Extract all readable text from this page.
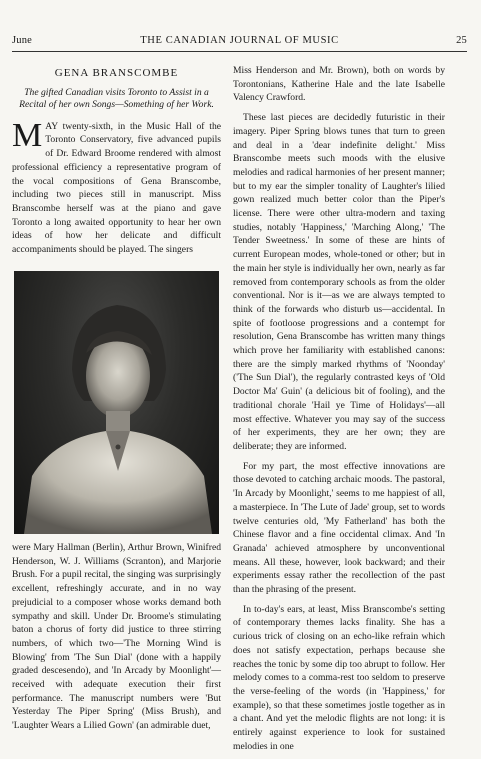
June	THE CANADIAN JOURNAL OF MUSIC	25
GENA BRANSCOMBE
The gifted Canadian visits Toronto to Assist in a Recital of her own Songs—Something of her Work.

MAY twenty-sixth, in the Music Hall of the Toronto Conservatory, five advanced pupils of Dr. Edward Broome rendered with almost professional efficiency a representative program of the vocal compositions of Gena Branscombe, including two pieces still in manuscript. Miss Branscombe herself was at the piano and gave Toronto a long awaited opportunity to hear her own ideas of how her delicate and difficult accompaniments should be played. The singers

were Mary Hallman (Berlin), Arthur Brown, Winifred Henderson, W. J. Williams (Scranton), and Marjorie Brush. For a pupil recital, the singing was surprisingly excellent, refreshingly accurate, and in no way prejudicial to a composer whose works demand both sympathy and skill. Under Dr. Broome's stimulating baton a chorus of forty did justice to three stirring numbers, of which two—'The Morning Wind is Blowing' from 'The Sun Dial' (done with a happily graded descesendo), and 'In Arcady by Moonlight'—received with adequate execution their first performance. The manuscript numbers were 'But Yesterday The Piper Spring' (Miss Brush), and 'Laughter Wears a Lilied Gown' (an admirable duet,

Miss Henderson and Mr. Brown), both on words by Torontonians, Katherine Hale and the late Isabelle Valency Crawford.

These last pieces are decidedly futuristic in their imagery. Piper Spring blows tunes that turn to green and deal in a 'dear indefinite delight.' Miss Branscombe meets such moods with the elusive melodies and radical harmonies of her present manner; but to my ear the simpler tonality of Laughter's lilied gown realized much better color than the Piper's license. There were other ultra-modern and taxing studies, notably 'Happiness,' 'Marching Along,' 'The Tender Sweetness.' In some of these are hints of current European modes, whole-toned or other; but in the main her style is individually her own, nearly as far removed from contemporary schools as from the older conventional. Nor is it—as we are always tempted to think of the forwards who disturb us—accidental. In spite of footloose progressions and a contempt for resolution, Gena Branscombe has written many things which prove her familiarity with established canons: there are the simply marked rhythms of 'Noonday' ('The Sun Dial'), the regularly contrasted keys of 'Old Doctor Ma' Guin' (a delicious bit of fooling), and the traditional chorale 'Hail ye Time of Holidays'—all most effective. Whatever you may say of the success of her experiments, they are her own; they are deliberate; they are informed.

For my part, the most effective innovations are those devoted to catching archaic moods. The pastoral, 'In Arcady by Moonlight,' seems to me happiest of all, a masterpiece. In 'The Lute of Jade' group, set to words twelve centuries old, 'My Fatherland' has both the Chinese flavor and a fine occidental climax. And 'In Granada' achieved atmosphere by unconventional means. All these, however, look backward; and their experiments essay rather the recollection of the past than the phrasing of the present.

In to-day's ears, at least, Miss Branscombe's setting of contemporary themes lacks finality. She has a curious trick of closing on an echo-like refrain which does not satisfy expectation, perhaps because she reaches the tonic by some dip too abrupt to follow. Her melody comes to a comma-rest too seldom to preserve the verse-feeling of the words (in 'Happiness,' for example), so that these sometimes jostle together as in a chant. And yet the melodic flights are not long: it is entirely against experience to look for sustained melodies in one
